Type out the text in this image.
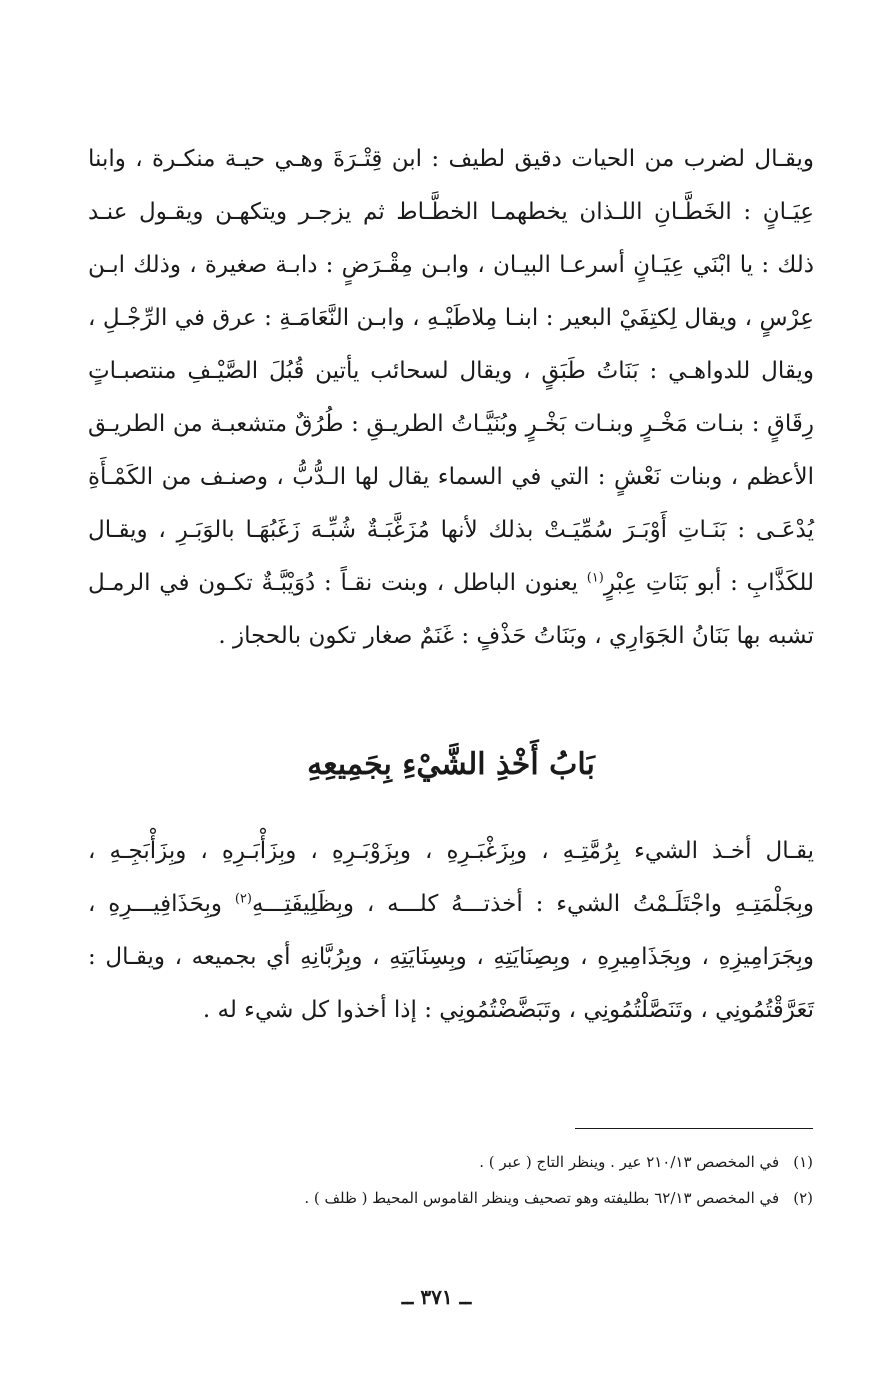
ويقـال لضرب من الحيات دقيق لطيف : ابن قِتْـرَةَ وهـي حيـة منكـرة ، وابنا عِيَـانٍ : الخَطَّـانِ اللـذان يخطهمـا الخطَّـاط ثم يزجـر ويتكهـن ويقـول عنـد ذلك : يا ابْنَي عِيَـانٍ أسرعـا البيـان ، وابـن مِقْـرَضٍ : دابـة صغيرة ، وذلك ابـن عِرْسٍ ، ويقال لِكتِفَيْ البعير : ابنـا مِلاطَيْـهِ ، وابـن النَّعَامَـةِ : عرق في الرِّجْـلِ ، ويقال للدواهـي : بَنَاتُ طَبَقٍ ، ويقال لسحائب يأتين قُبُلَ الصَّيْـفِ منتصبـاتٍ رِقَاقٍ : بنـات مَخْـرٍ وبنـات بَخْـرٍ وبُنَيَّـاتُ الطريـقِ : طُرُقٌ متشعبـة من الطريـق الأعظم ، وبنات نَعْشٍ : التي في السماء يقال لها الـدُّبُّ ، وصنـف من الكَمْـأَةِ يُدْعَـى : بَنَـاتِ أَوْبَـرَ سُمِّيَـتْ بذلك لأنها مُزَغَّبَـةٌ شُبِّـهَ زَغَبُهَـا بالوَبَـرِ ، ويقـال للكَذَّابِ : أبو بَنَاتِ عِبْرٍ$^{(١)}$ يعنون الباطل ، وبنت نقـاً : دُوَيْبَّـةٌ تكـون في الرمـل تشبه بها بَنَانُ الجَوَارِي ، وبَنَاتُ حَذْفٍ : غَنَمٌ صغار تكون بالحجاز .
بَابُ أَخْذِ الشَّيْءِ بِجَمِيعِهِ
يقـال أخـذ الشيء بِرُمَّتِـهِ ، وبِزَغْبَـرِهِ ، وبِزَوْبَـرِهِ ، وبِزَأْبَـرِهِ ، وبِزَأْبَجِـهِ ، وبِجَلْمَتِـهِ واجْتَلَـمْتُ الشيء : أخذتـــهُ كلـــه ، وبِظَلِيفَتِـــهِ$^{(٢)}$ وبِحَذَافِيـــرِهِ ، وبِجَرَامِيزِهِ ، وبِجَذَامِيرِهِ ، وبِصِنَايَتِهِ ، وبِسِنَايَتِهِ ، وبِرُبَّانِهِ أي بجميعه ، ويقـال : تَعَرَّقْتُمُونِي ، وتَنَصَّلْتُمُونِي ، وتَبَضَّضْتُمُونِي : إذا أخذوا كل شيء له .
(١)في المخصص ٢١٠/١٣ عير . وينظر التاج ( عبر ) .
(٢)في المخصص ٦٢/١٣ بطليفته وهو تصحيف وينظر القاموس المحيط ( ظلف ) .
ــ ٣٧١ ــ
